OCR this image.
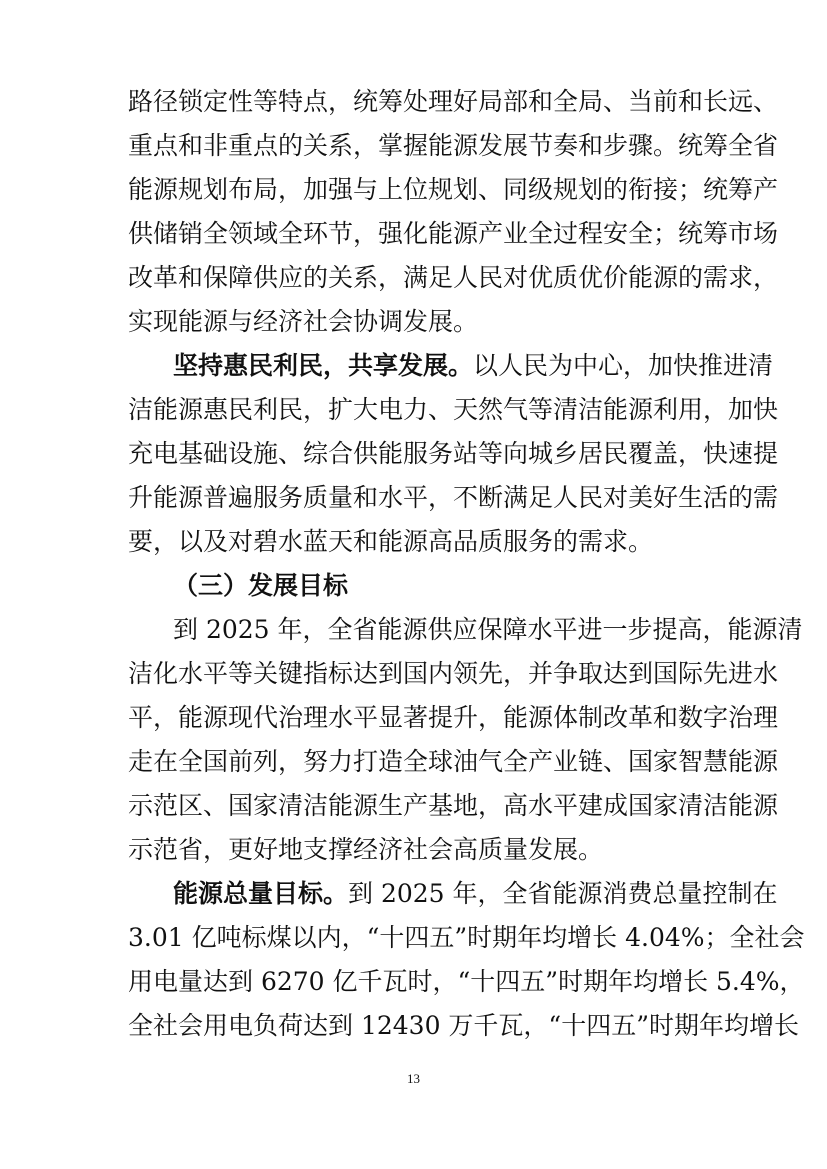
路径锁定性等特点，统筹处理好局部和全局、当前和长远、
重点和非重点的关系，掌握能源发展节奏和步骤。统筹全省
能源规划布局，加强与上位规划、同级规划的衔接；统筹产
供储销全领域全环节，强化能源产业全过程安全；统筹市场
改革和保障供应的关系，满足人民对优质优价能源的需求，
实现能源与经济社会协调发展。
坚持惠民利民，共享发展。以人民为中心，加快推进清
洁能源惠民利民，扩大电力、天然气等清洁能源利用，加快
充电基础设施、综合供能服务站等向城乡居民覆盖，快速提
升能源普遍服务质量和水平，不断满足人民对美好生活的需
要，以及对碧水蓝天和能源高品质服务的需求。
（三）发展目标
到 2025 年，全省能源供应保障水平进一步提高，能源清
洁化水平等关键指标达到国内领先，并争取达到国际先进水
平，能源现代治理水平显著提升，能源体制改革和数字治理
走在全国前列，努力打造全球油气全产业链、国家智慧能源
示范区、国家清洁能源生产基地，高水平建成国家清洁能源
示范省，更好地支撑经济社会高质量发展。
能源总量目标。到 2025 年，全省能源消费总量控制在
13
3.01 亿吨标煤以内，“十四五”时期年均增长 4.04%；全社会
用电量达到 6270 亿千瓦时，“十四五”时期年均增长 5.4%，
全社会用电负荷达到 12430 万千瓦，“十四五”时期年均增长
